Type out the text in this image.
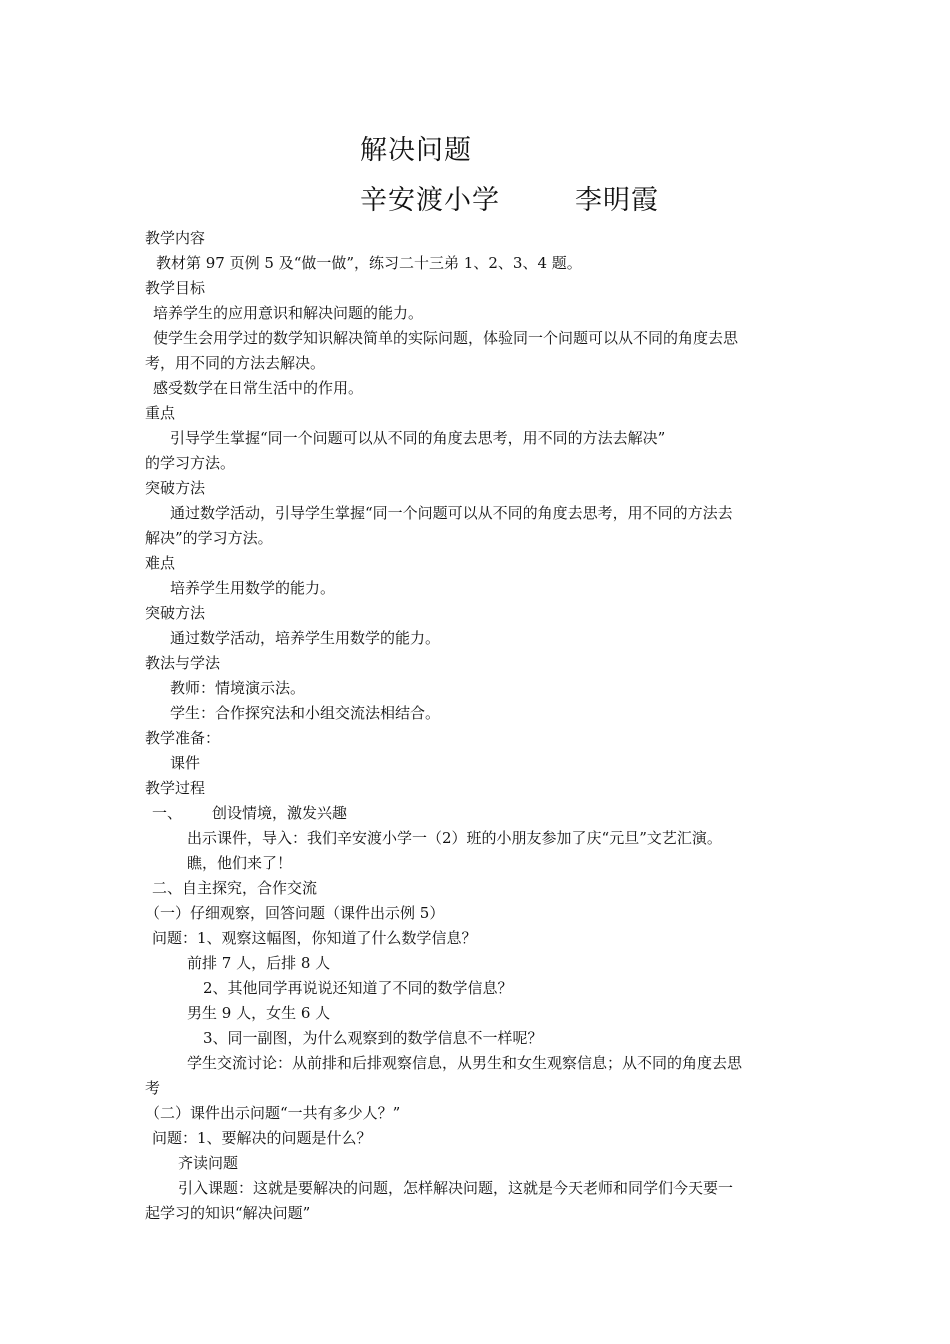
解决问题
辛安渡小学	李明霞
教学内容
教材第 97 页例 5 及“做一做”，练习二十三弟 1、2、3、4 题。
教学目标
培养学生的应用意识和解决问题的能力。
使学生会用学过的数学知识解决简单的实际问题，体验同一个问题可以从不同的角度去思
考，用不同的方法去解决。
感受数学在日常生活中的作用。
重点
引导学生掌握“同一个问题可以从不同的角度去思考，用不同的方法去解决”
的学习方法。
突破方法
通过数学活动，引导学生掌握“同一个问题可以从不同的角度去思考，用不同的方法去
解决”的学习方法。
难点
培养学生用数学的能力。
突破方法
通过数学活动，培养学生用数学的能力。
教法与学法
教师：情境演示法。
学生：合作探究法和小组交流法相结合。
教学准备：
课件
教学过程
一、 创设情境，激发兴趣
出示课件，导入：我们辛安渡小学一（2）班的小朋友参加了庆“元旦”文艺汇演。
瞧，他们来了！
二、自主探究，合作交流
（一）仔细观察，回答问题（课件出示例 5）
问题：1、观察这幅图，你知道了什么数学信息？
前排 7 人，后排 8 人
2、其他同学再说说还知道了不同的数学信息？
男生 9 人，女生 6 人
3、同一副图，为什么观察到的数学信息不一样呢？
学生交流讨论：从前排和后排观察信息，从男生和女生观察信息；从不同的角度去思
考
（二）课件出示问题“一共有多少人？”
问题：1、要解决的问题是什么？
齐读问题
引入课题：这就是要解决的问题，怎样解决问题，这就是今天老师和同学们今天要一
起学习的知识“解决问题”
